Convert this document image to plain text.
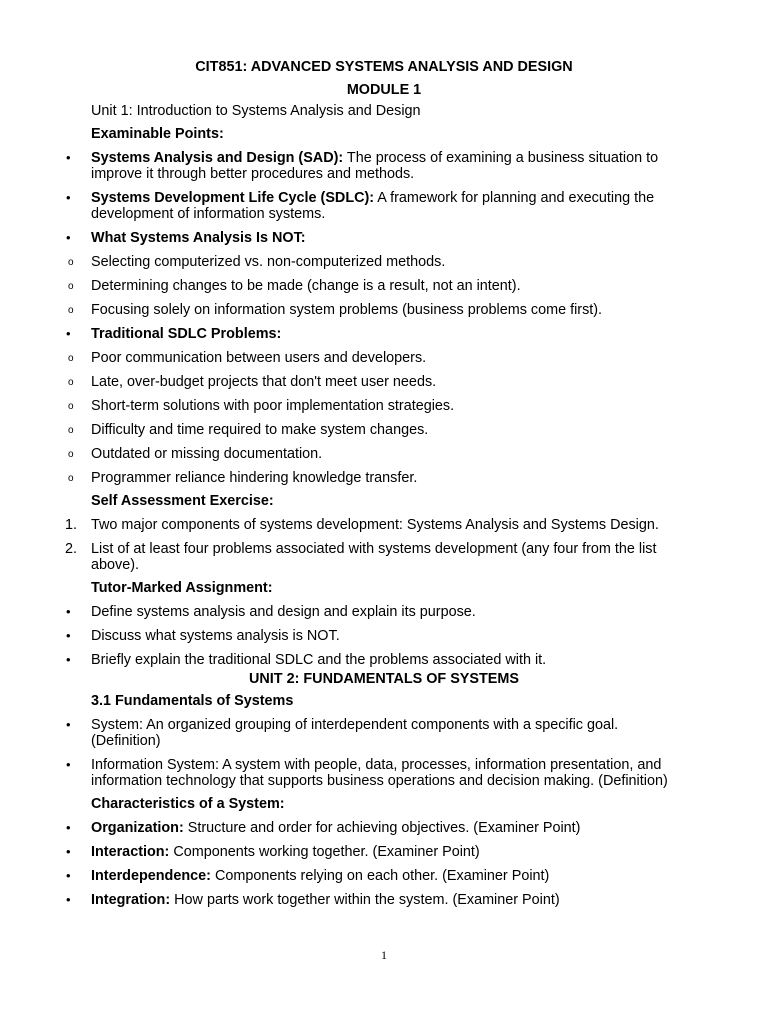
CIT851: ADVANCED SYSTEMS ANALYSIS AND DESIGN
MODULE 1
Unit 1: Introduction to Systems Analysis and Design
Examinable Points:
•	Systems Analysis and Design (SAD): The process of examining a business situation to improve it through better procedures and methods.
•	Systems Development Life Cycle (SDLC): A framework for planning and executing the development of information systems.
•	What Systems Analysis Is NOT:
o	Selecting computerized vs. non-computerized methods.
o	Determining changes to be made (change is a result, not an intent).
o	Focusing solely on information system problems (business problems come first).
•	Traditional SDLC Problems:
o	Poor communication between users and developers.
o	Late, over-budget projects that don't meet user needs.
o	Short-term solutions with poor implementation strategies.
o	Difficulty and time required to make system changes.
o	Outdated or missing documentation.
o	Programmer reliance hindering knowledge transfer.
Self Assessment Exercise:
1. Two major components of systems development: Systems Analysis and Systems Design.
2. List of at least four problems associated with systems development (any four from the list above).
Tutor-Marked Assignment:
•	Define systems analysis and design and explain its purpose.
•	Discuss what systems analysis is NOT.
•	Briefly explain the traditional SDLC and the problems associated with it.
UNIT 2: FUNDAMENTALS OF SYSTEMS
3.1 Fundamentals of Systems
•	System: An organized grouping of interdependent components with a specific goal. (Definition)
•	Information System: A system with people, data, processes, information presentation, and information technology that supports business operations and decision making. (Definition)
Characteristics of a System:
•	Organization: Structure and order for achieving objectives. (Examiner Point)
•	Interaction: Components working together. (Examiner Point)
•	Interdependence: Components relying on each other. (Examiner Point)
•	Integration: How parts work together within the system. (Examiner Point)
1
